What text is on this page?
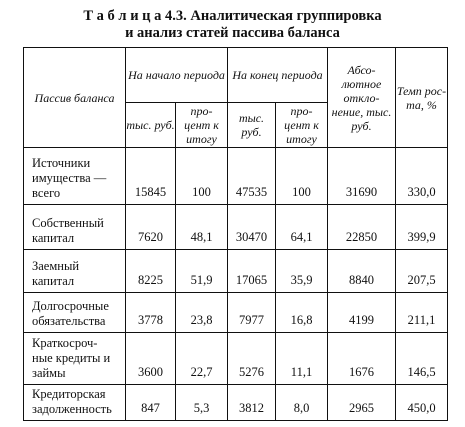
Т а б л и ц а 4.3. Аналитическая группировка
и анализ статей пассива баланса
Пассив баланса	На начало периода		На конец периода		Абсо- лютное откло- нение, тыс. руб.	Темп рос- та, %
	тыс. руб.	про- цент к итогу	тыс. руб.	про- цент к итогу		
Источники имущества — всего	15845	100	47535	100	31690	330,0
Собственный капитал	7620	48,1	30470	64,1	22850	399,9
Заемный капитал	8225	51,9	17065	35,9	8840	207,5
Долгосрочные обязательства	3778	23,8	7977	16,8	4199	211,1
Краткосроч- ные кредиты и займы	3600	22,7	5276	11,1	1676	146,5
Кредиторская задолженность	847	5,3	3812	8,0	2965	450,0
